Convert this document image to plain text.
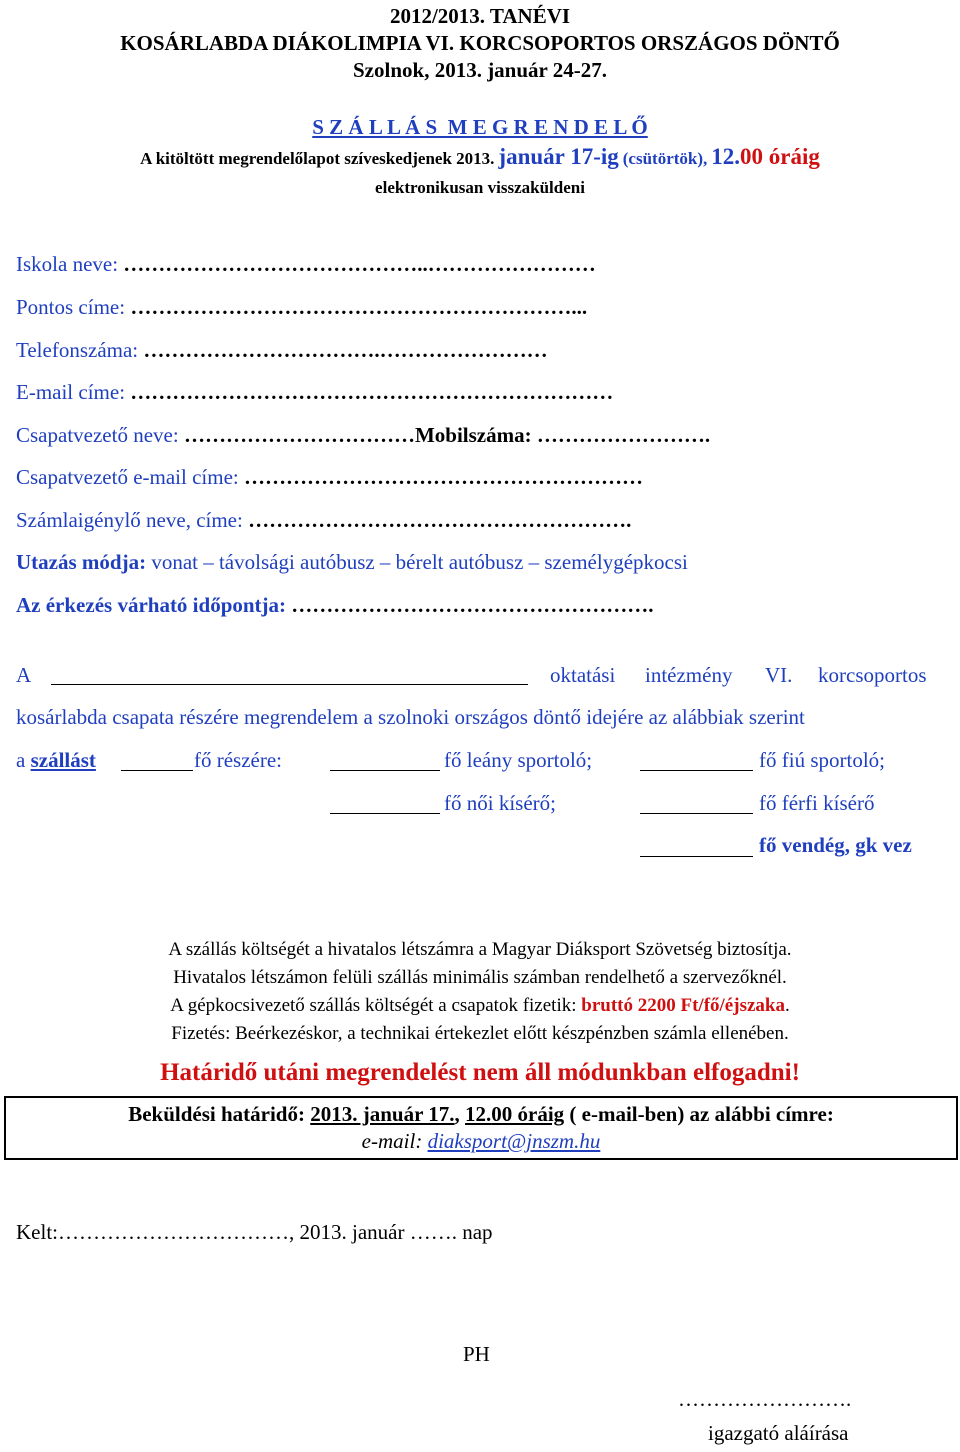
2012/2013. TANÉVI
KOSÁRLABDA DIÁKOLIMPIA VI. KORCSOPORTOS ORSZÁGOS DÖNTŐ
Szolnok, 2013. január 24-27.
S Z Á L L Á S  M E G R E N D E L Ő
A kitöltött megrendelőlapot szíveskedjenek 2013. január 17-ig (csütörtök), 12.00 óráig
elektronikusan visszaküldeni
Iskola neve: ……………………………………..……………………
Pontos címe: ………………………………………………………...
Telefonszáma: …………………………….……………………
E-mail címe: ……………………………………………………………
Csapatvezető neve: ……………………………Mobilszáma: …………………….
Csapatvezető e-mail címe: …………………………………………………
Számlaigénylő neve, címe: ……………………………………………….
Utazás módja: vonat – távolsági autóbusz – bérelt autóbusz – személygépkocsi
Az érkezés várható időpontja: …………………………………………….
A	oktatási intézmény VI. korcsoportos
kosárlabda csapata részére megrendelem a szolnoki országos döntő idejére az alábbiak szerint
a szállást	fő részére:	fő leány sportoló;	fő fiú sportoló;
fő női kísérő;	fő férfi kísérő
fő vendég, gk vez
A szállás költségét a hivatalos létszámra a Magyar Diáksport Szövetség biztosítja.
Hivatalos létszámon felüli szállás minimális számban rendelhető a szervezőknél.
A gépkocsivezető szállás költségét a csapatok fizetik: bruttó 2200 Ft/fő/éjszaka.
Fizetés: Beérkezéskor, a technikai értekezlet előtt készpénzben számla ellenében.
Határidő utáni megrendelést nem áll módunkban elfogadni!
Beküldési határidő: 2013. január 17., 12.00 óráig ( e-mail-ben) az alábbi címre:
e-mail: diaksport@jnszm.hu
Kelt:……………………………, 2013. január ……. nap
PH
…………………….
igazgató aláírása
